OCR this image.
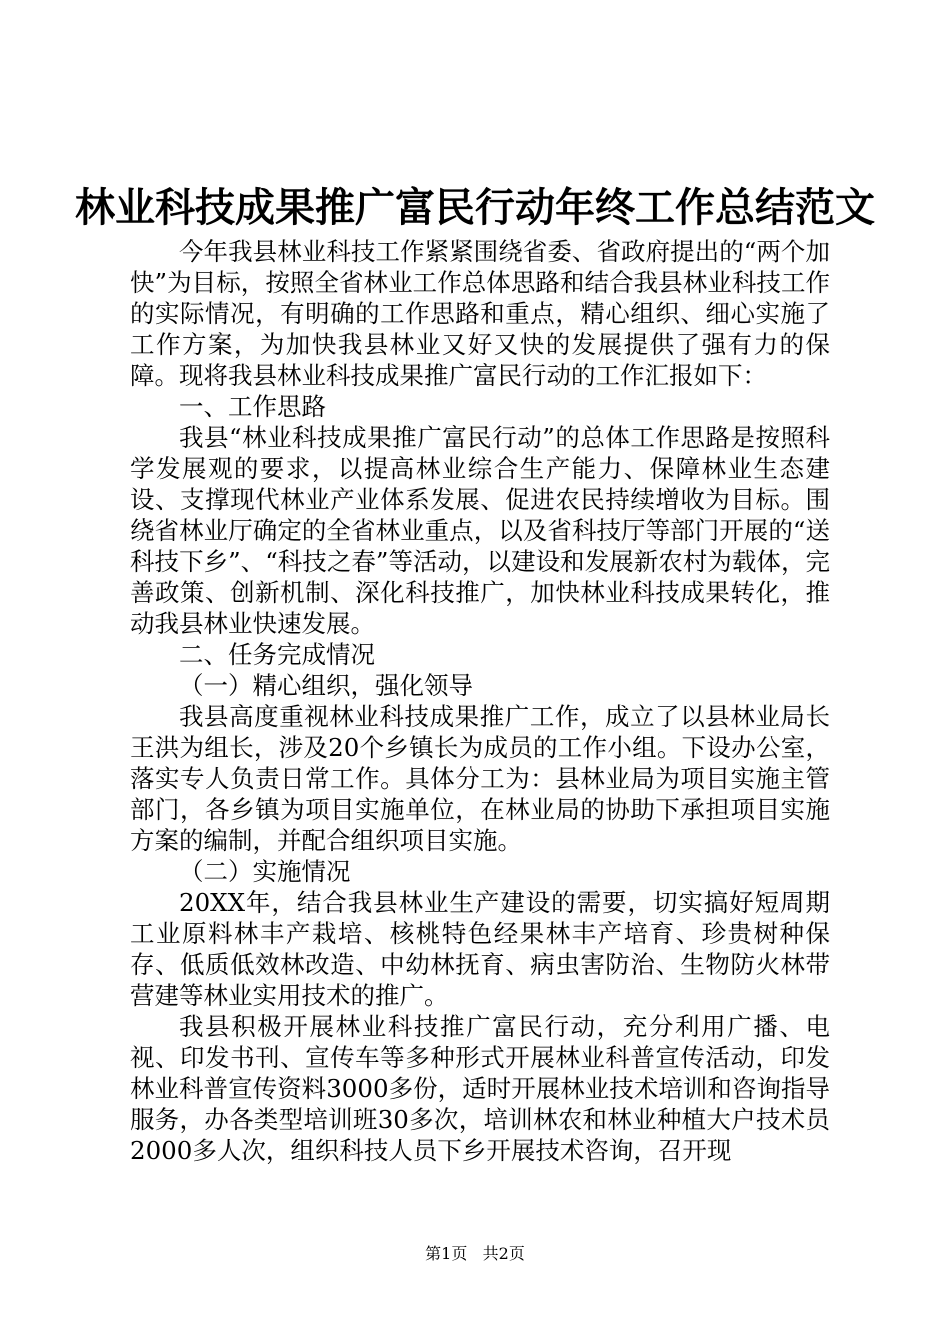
林业科技成果推广富民行动年终工作总结范文

今年我县林业科技工作紧紧围绕省委、省政府提出的“两个加快”为目标，按照全省林业工作总体思路和结合我县林业科技工作的实际情况，有明确的工作思路和重点，精心组织、细心实施了工作方案，为加快我县林业又好又快的发展提供了强有力的保障。现将我县林业科技成果推广富民行动的工作汇报如下：

一、工作思路

我县“林业科技成果推广富民行动”的总体工作思路是按照科学发展观的要求，以提高林业综合生产能力、保障林业生态建设、支撑现代林业产业体系发展、促进农民持续增收为目标。围绕省林业厅确定的全省林业重点，以及省科技厅等部门开展的“送科技下乡”、“科技之春”等活动，以建设和发展新农村为载体，完善政策、创新机制、深化科技推广，加快林业科技成果转化，推动我县林业快速发展。

二、任务完成情况

（一）精心组织，强化领导

我县高度重视林业科技成果推广工作，成立了以县林业局长王洪为组长，涉及20个乡镇长为成员的工作小组。下设办公室，落实专人负责日常工作。具体分工为：县林业局为项目实施主管部门，各乡镇为项目实施单位，在林业局的协助下承担项目实施方案的编制，并配合组织项目实施。

（二）实施情况

20XX年，结合我县林业生产建设的需要，切实搞好短周期工业原料林丰产栽培、核桃特色经果林丰产培育、珍贵树种保存、低质低效林改造、中幼林抚育、病虫害防治、生物防火林带营建等林业实用技术的推广。

我县积极开展林业科技推广富民行动，充分利用广播、电视、印发书刊、宣传车等多种形式开展林业科普宣传活动，印发林业科普宣传资料3000多份，适时开展林业技术培训和咨询指导服务，办各类型培训班30多次，培训林农和林业种植大户技术员2000多人次，组织科技人员下乡开展技术咨询，召开现

第1页 共2页
